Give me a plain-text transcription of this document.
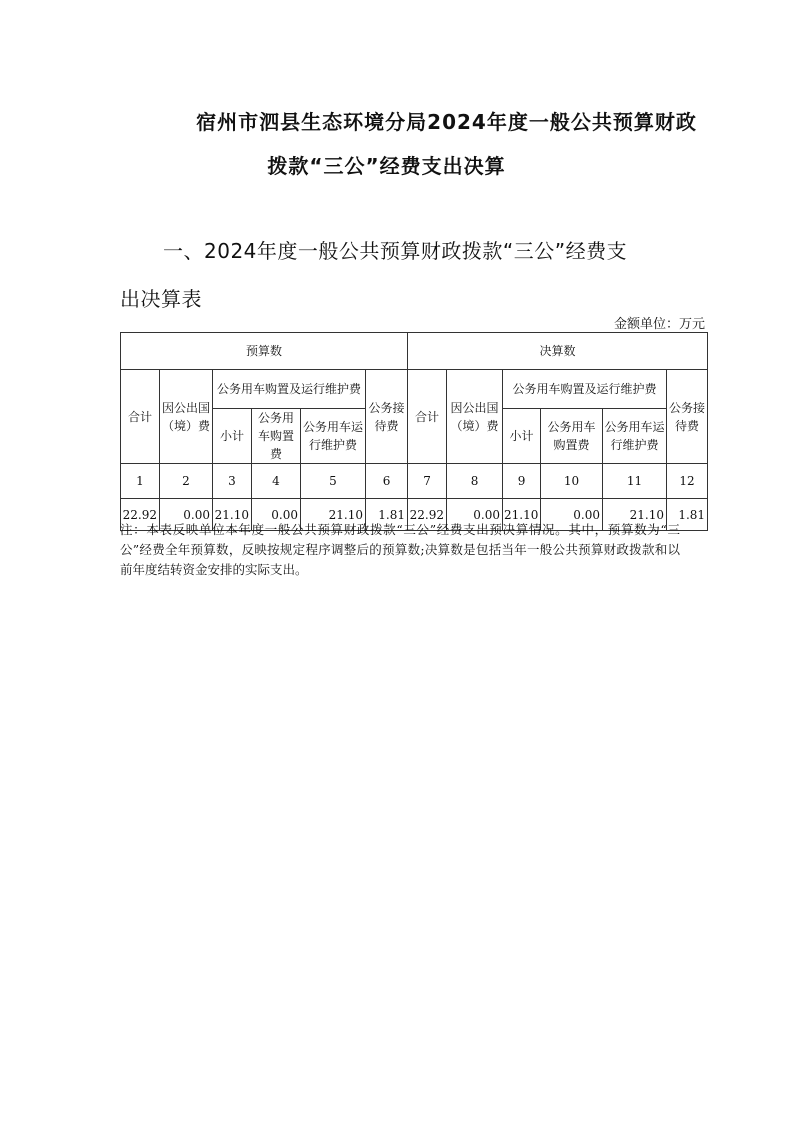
宿州市泗县生态环境分局2024年度一般公共预算财政
拨款“三公”经费支出决算
一、2024年度一般公共预算财政拨款“三公”经费支
出决算表
金额单位：万元
预算数						决算数					
合计	因公出国（境）费	公务用车购置及运行维护费			公务接待费	合计	因公出国（境）费	公务用车购置及运行维护费			公务接待费
		小计	公务用车购置费	公务用车运行维护费				小计	公务用车购置费	公务用车运行维护费	
1	2	3	4	5	6	7	8	9	10	11	12
22.92	0.00	21.10	0.00	21.10	1.81	22.92	0.00	21.10	0.00	21.10	1.81
注：本表反映单位本年度一般公共预算财政拨款“三公”经费支出预决算情况。其中，预算数为“三公”经费全年预算数，反映按规定程序调整后的预算数;决算数是包括当年一般公共预算财政拨款和以前年度结转资金安排的实际支出。
